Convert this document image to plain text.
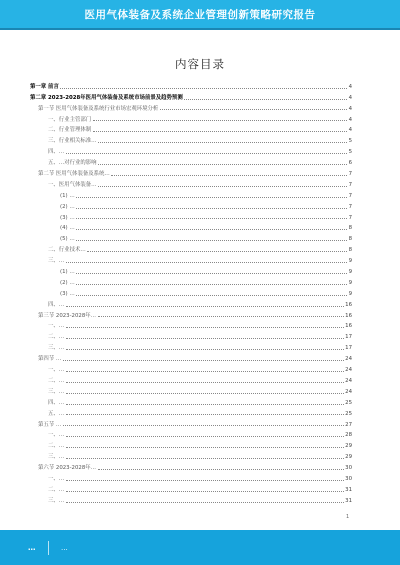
医用气体装备及系统企业管理创新策略研究报告
内容目录
第一章 前言	4
第二章 2023-2028年医用气体装备及系统市场前景及趋势预测	4
第一节 医用气体装备及系统行业市场宏观环境分析	4
一、行业主管部门	4
二、行业管理体制	4
三、行业相关标准…	5
四、…	5
五、…对行业的影响	6
第二节 医用气体装备及系统…	7
一、医用气体装备…	7
(1) …	7
(2) …	7
(3) …	7
(4) …	8
(5) …	8
二、行业技术…	8
三、…	9
(1) …	9
(2) …	9
(3) …	9
四、…	16
第三节 2023-2028年…	16
一、…	16
二、…	17
三、…	17
第四节 …	24
一、…	24
二、…	24
三、…	24
四、…	25
五、…	25
第五节 …	27
一、…	28
二、…	29
三、…	29
第六节 2023-2028年…	30
一、…	30
二、…	31
三、…	31
1
…	…
